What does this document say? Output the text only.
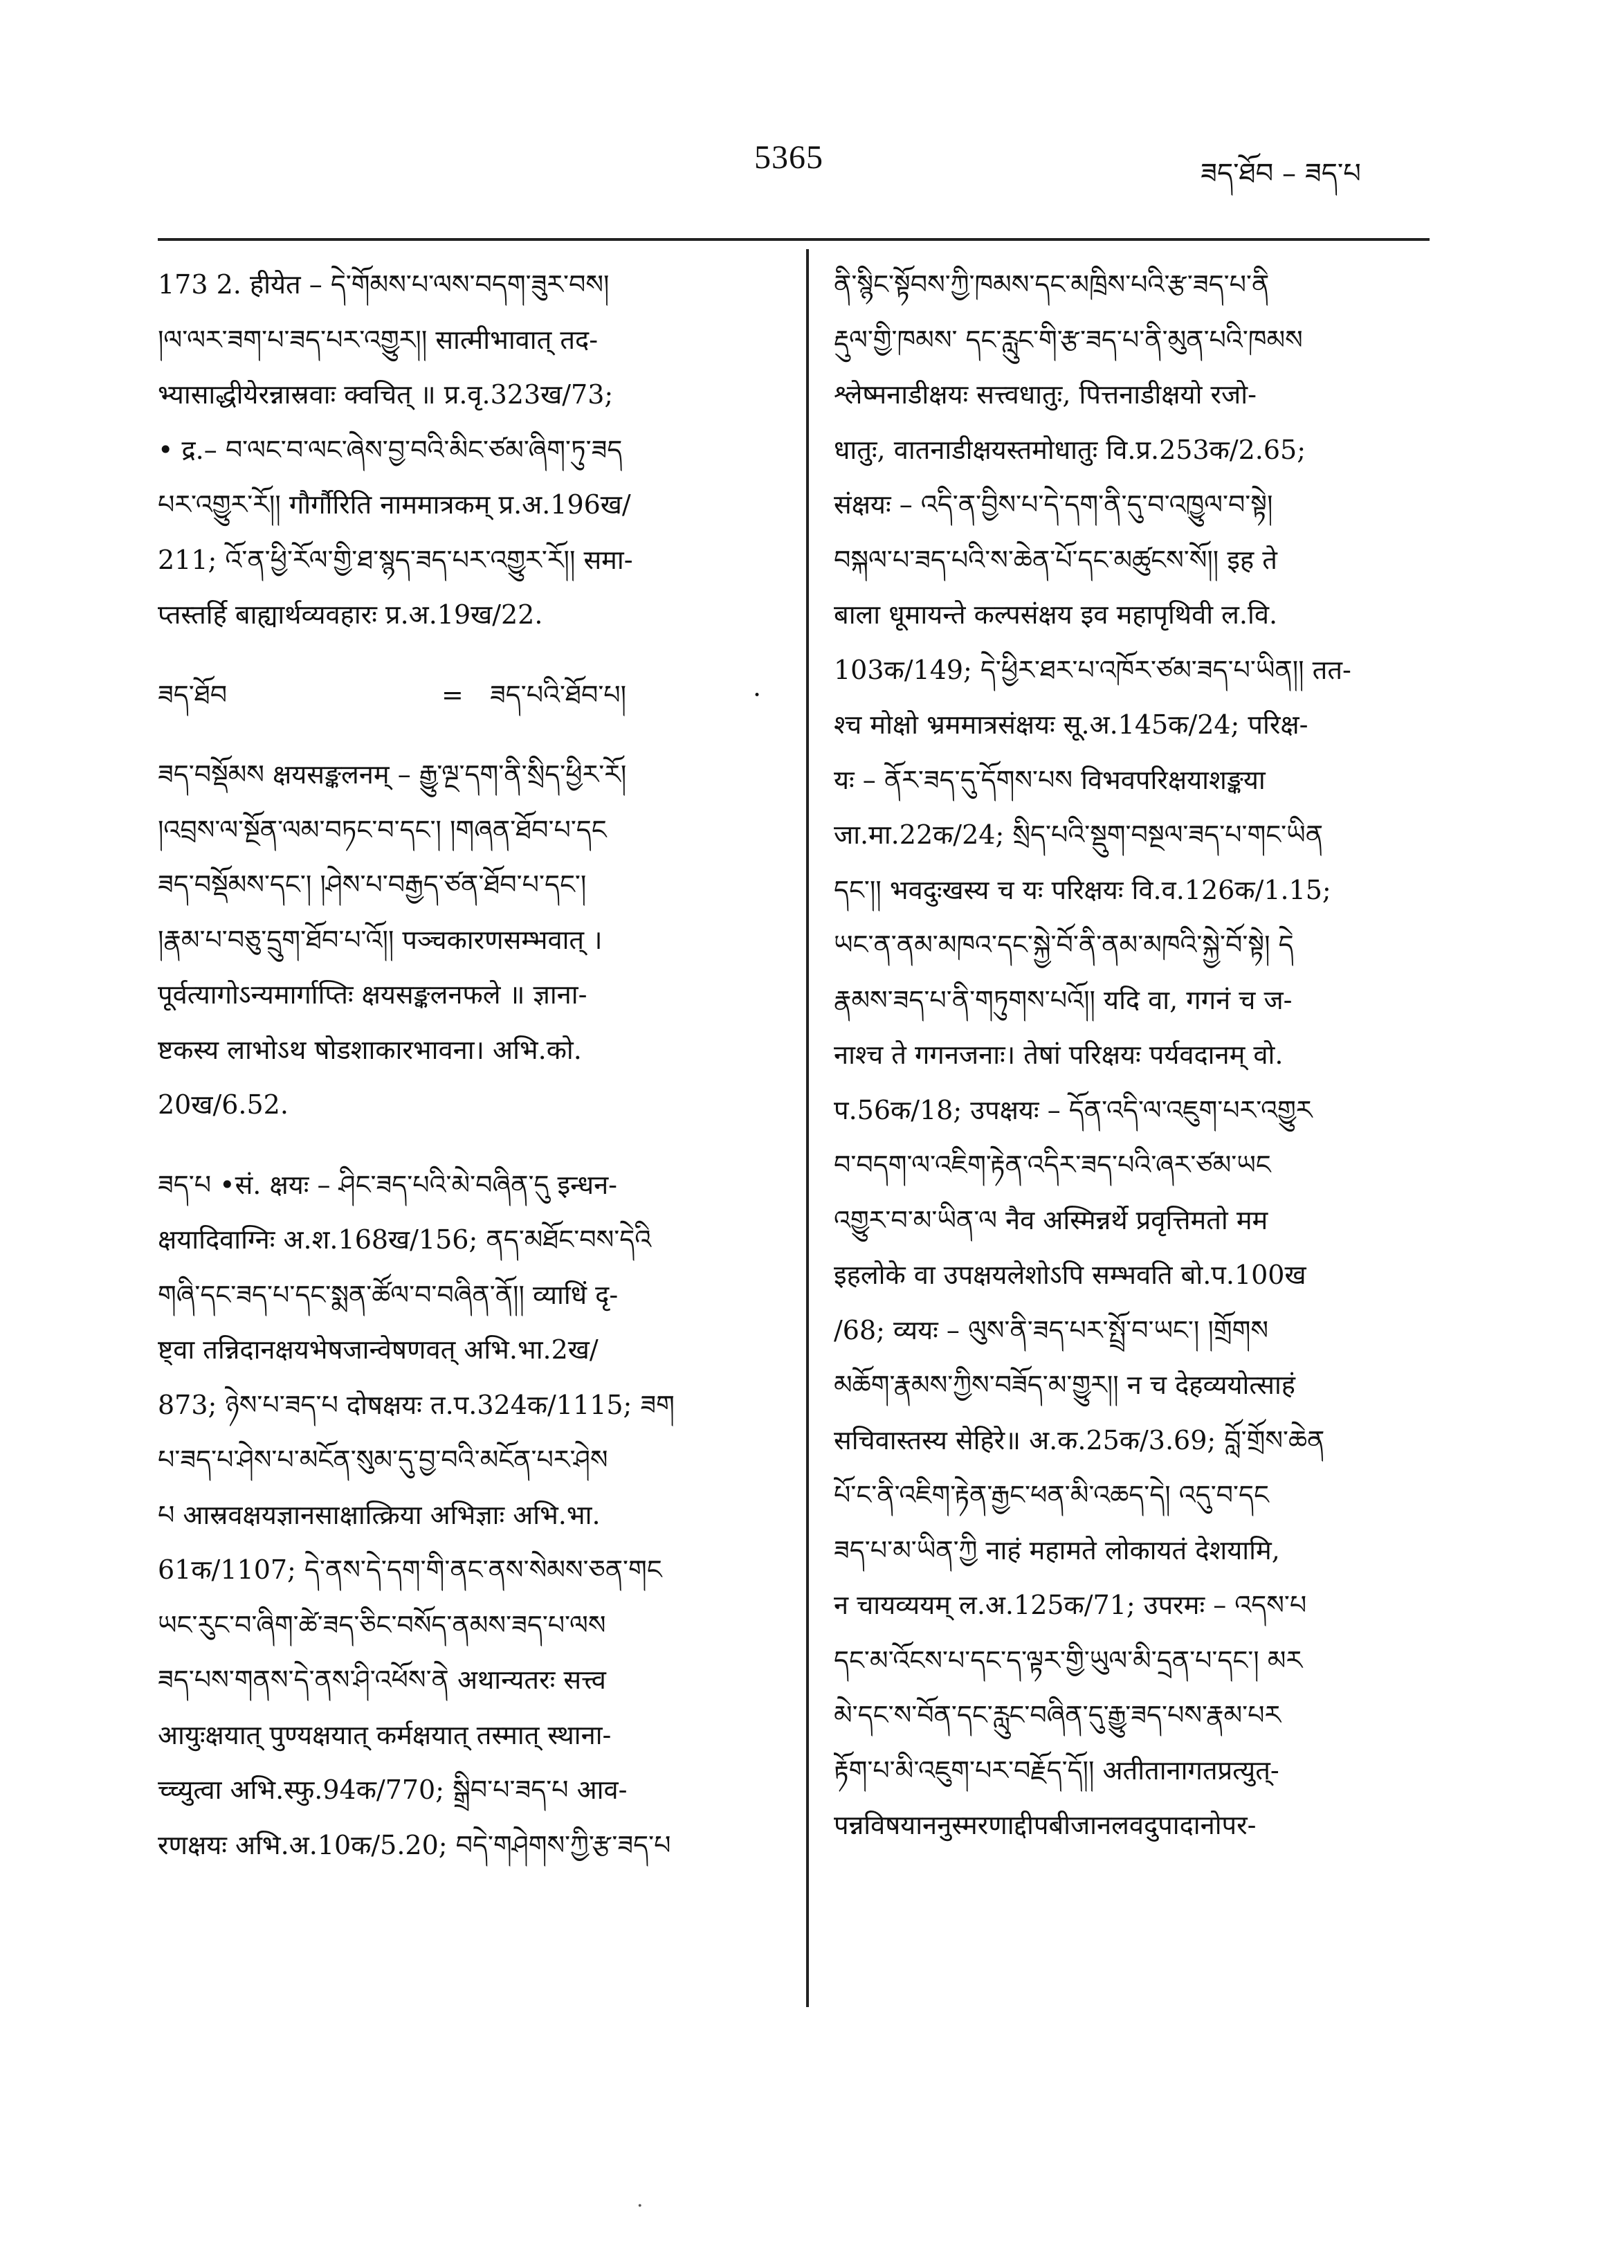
5365	ཟད་ཐོབ – ཟད་པ
173 2. हीयेत – དེ་གོམས་པ་ལས་བདག་ཟུར་བས།
།ལ་ལར་ཟག་པ་ཟད་པར་འགྱུར།། सात्मीभावात् तद-
भ्यासाद्धीयेरन्नास्रवाः क्वचित् ॥ प्र.वृ.323ख/73;
• द्र.– བ་ལང་བ་ལང་ཞེས་བྱ་བའི་མིང་ཙམ་ཞིག་ཏུ་ཟད
པར་འགྱུར་རོ།། गौर्गौरिति नाममात्रकम् प्र.अ.196ख/
211; འོ་ན་ཕྱི་རོལ་གྱི་ཐ་སྙད་ཟད་པར་འགྱུར་རོ།། समा-
प्तस्तर्हि बाह्यार्थव्यवहारः प्र.अ.19ख/22.
ཟད་ཐོབ	= ཟད་པའི་ཐོབ་པ།	·
ཟད་བསྡོམས क्षयसङ्कलनम् – རྒྱུ་ལྔ་དག་ནི་སྲིད་ཕྱིར་རོ།
།འབྲས་ལ་སྔོན་ལམ་བཏང་བ་དང་། །གཞན་ཐོབ་པ་དང
ཟད་བསྡོམས་དང་། །ཤེས་པ་བརྒྱད་ཙན་ཐོབ་པ་དང་།
།རྣམ་པ་བཅུ་དྲུག་ཐོབ་པ་འོ།། पञ्चकारणसम्भवात् ।
पूर्वत्यागोऽन्यमार्गाप्तिः क्षयसङ्कलनफले ॥ ज्ञाना-
ष्टकस्य लाभोऽथ षोडशाकारभावना। अभि.को.
20ख/6.52.
ཟད་པ •सं. क्षयः – ཤིང་ཟད་པའི་མེ་བཞིན་དུ इन्धन-
क्षयादिवाग्निः अ.श.168ख/156; ནད་མཐོང་བས་དེའི
གཞི་དང་ཟད་པ་དང་སྨན་ཚོལ་བ་བཞིན་ནོ།། व्याधिं दृ-
ष्ट्वा तन्निदानक्षयभेषजान्वेषणवत् अभि.भा.2ख/
873; ཉེས་པ་ཟད་པ दोषक्षयः त.प.324क/1115; ཟག
པ་ཟད་པ་ཤེས་པ་མངོན་སུམ་དུ་བྱ་བའི་མངོན་པར་ཤེས
པ आस्रवक्षयज्ञानसाक्षात्क्रिया अभिज्ञाः अभि.भा.
61क/1107; དེ་ནས་དེ་དག་གི་ནང་ནས་སེམས་ཅན་གང
ཡང་རུང་བ་ཞིག་ཚེ་ཟད་ཅིང་བསོད་ནམས་ཟད་པ་ལས
ཟད་པས་གནས་དེ་ནས་ཤི་འཕོས་ནེ अथान्यतरः सत्त्व
आयुःक्षयात् पुण्यक्षयात् कर्मक्षयात् तस्मात् स्थाना-
च्च्युत्वा अभि.स्फु.94क/770; སྒྲིབ་པ་ཟད་པ आव-
रणक्षयः अभि.अ.10क/5.20; བདེ་གཤེགས་ཀྱི་རྩ་ཟད་པ
ནི་སྙིང་སྟོབས་ཀྱི་ཁམས་དང་མཁྲིས་པའི་རྩ་ཟད་པ་ནི
རྡུལ་གྱི་ཁམས་ དང་རླུང་གི་རྩ་ཟད་པ་ནི་མུན་པའི་ཁམས
श्लेष्मनाडीक्षयः सत्त्वधातुः, पित्तनाडीक्षयो रजो-
धातुः, वातनाडीक्षयस्तमोधातुः वि.प्र.253क/2.65;
संक्षयः – འདི་ན་བྱིས་པ་དེ་དག་ནི་དུ་བ་འཁྱུལ་བ་སྟེ།
བསྐལ་པ་ཟད་པའི་ས་ཆེན་པོ་དང་མཚུངས་སོ།། इह ते
बाला धूमायन्ते कल्पसंक्षय इव महापृथिवी ल.वि.
103क/149; དེ་ཕྱིར་ཐར་པ་འཁོར་ཙམ་ཟད་པ་ཡིན།། तत-
श्च मोक्षो भ्रममात्रसंक्षयः सू.अ.145क/24; परिक्ष-
यः – ནོར་ཟད་དུ་དོགས་པས विभवपरिक्षयाशङ्कया
जा.मा.22क/24; སྲིད་པའི་སྡུག་བསྔལ་ཟད་པ་གང་ཡིན
དང་།། भवदुःखस्य च यः परिक्षयः वि.व.126क/1.15;
ཡང་ན་ནམ་མཁའ་དང་སྐྱེ་བོ་ནི་ནམ་མཁའི་སྐྱེ་བོ་སྟེ། དེ
རྣམས་ཟད་པ་ནི་གཏུགས་པའོ།། यदि वा, गगनं च ज-
नाश्च ते गगनजनाः। तेषां परिक्षयः पर्यवदानम् वो.
प.56क/18; उपक्षयः – དོན་འདི་ལ་འཇུག་པར་འགྱུར
བ་བདག་ལ་འཇིག་རྟེན་འདིར་ཟད་པའི་ཞར་ཙམ་ཡང
འགྱུར་བ་མ་ཡིན་ལ नैव अस्मिन्नर्थे प्रवृत्तिमतो मम
इहलोके वा उपक्षयलेशोऽपि सम्भवति बो.प.100ख
/68; व्ययः – ལུས་ནི་ཟད་པར་སྤྲོ་བ་ཡང་། །གྲོགས
མཆོག་རྣམས་ཀྱིས་བཟོད་མ་གྱུར།། न च देहव्ययोत्साहं
सचिवास्तस्य सेहिरे॥ अ.क.25क/3.69; བློ་གྲོས་ཆེན
པོ་ང་ནི་འཇིག་རྟེན་རྒྱང་ཕན་མི་འཆད་དེ། འདུ་བ་དང
ཟད་པ་མ་ཡིན་ཀྱི नाहं महामते लोकायतं देशयामि,
न चायव्ययम् ल.अ.125क/71; उपरमः – འདས་པ
དང་མ་འོངས་པ་དང་ད་ལྟར་གྱི་ཡུལ་མི་དྲན་པ་དང་། མར
མེ་དང་ས་བོན་དང་རླུང་བཞིན་དུ་རྒྱུ་ཟད་པས་རྣམ་པར
རྟོག་པ་མི་འཇུག་པར་བརྗོད་དོ།། अतीतानागतप्रत्युत्-
पन्नविषयाननुस्मरणाद्दीपबीजानलवदुपादानोपर-
·
